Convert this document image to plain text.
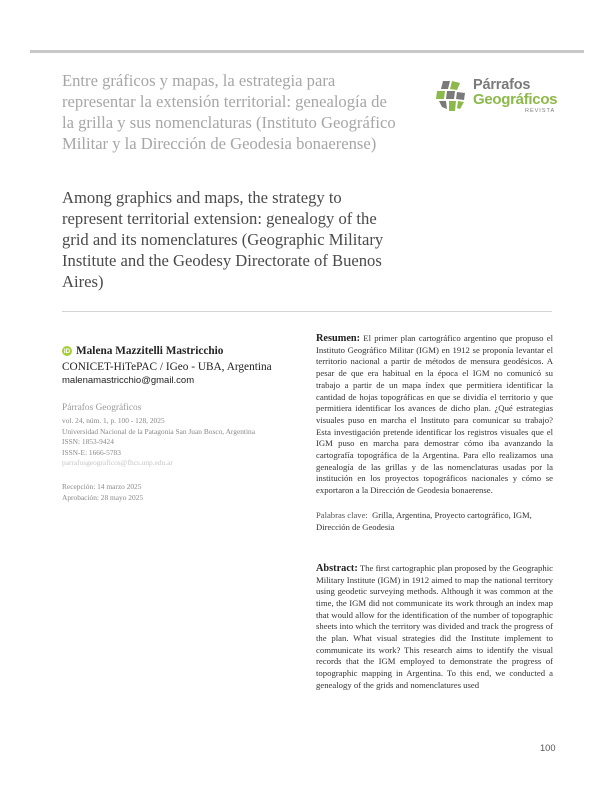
Entre gráficos y mapas, la estrategia para representar la extensión territorial: genealogía de la grilla y sus nomenclaturas (Instituto Geográfico Militar y la Dirección de Geodesia bonaerense)
Among graphics and maps, the strategy to represent territorial extension: genealogy of the grid and its nomenclatures (Geographic Military Institute and the Geodesy Directorate of Buenos Aires)
Párrafos
Geográficos
REVISTA
iD Malena Mazzitelli Mastricchio
CONICET-HiTePAC / IGeo - UBA, Argentina
malenamastricchio@gmail.com
Párrafos Geográficos
vol. 24, núm. 1, p. 100 - 128, 2025
Universidad Nacional de la Patagonia San Juan Bosco, Argentina
ISSN: 1853-9424
ISSN-E: 1666-5783
parrafosgeograficos@fhcs.unp.edu.ar
Recepción: 14 marzo 2025
Aprobación: 28 mayo 2025

Resumen: El primer plan cartográfico argentino que propuso el Instituto Geográfico Militar (IGM) en 1912 se proponía levantar el territorio nacional a partir de métodos de mensura geodésicos. A pesar de que era habitual en la época el IGM no comunicó su trabajo a partir de un mapa índex que permitiera identificar la cantidad de hojas topográficas en que se dividía el territorio y que permitiera identificar los avances de dicho plan. ¿Qué estrategias visuales puso en marcha el Instituto para comunicar su trabajo? Esta investigación pretende identificar los registros visuales que el IGM puso en marcha para demostrar cómo iba avanzando la cartografía topográfica de la Argentina. Para ello realizamos una genealogía de las grillas y de las nomenclaturas usadas por la institución en los proyectos topográficos nacionales y cómo se exportaron a la Dirección de Geodesia bonaerense.

Palabras clave: Grilla, Argentina, Proyecto cartográfico, IGM, Dirección de Geodesia

Abstract: The first cartographic plan proposed by the Geographic Military Institute (IGM) in 1912 aimed to map the national territory using geodetic surveying methods. Although it was common at the time, the IGM did not communicate its work through an index map that would allow for the identification of the number of topographic sheets into which the territory was divided and track the progress of the plan. What visual strategies did the Institute implement to communicate its work? This research aims to identify the visual records that the IGM employed to demonstrate the progress of topographic mapping in Argentina. To this end, we conducted a genealogy of the grids and nomenclatures used

100
